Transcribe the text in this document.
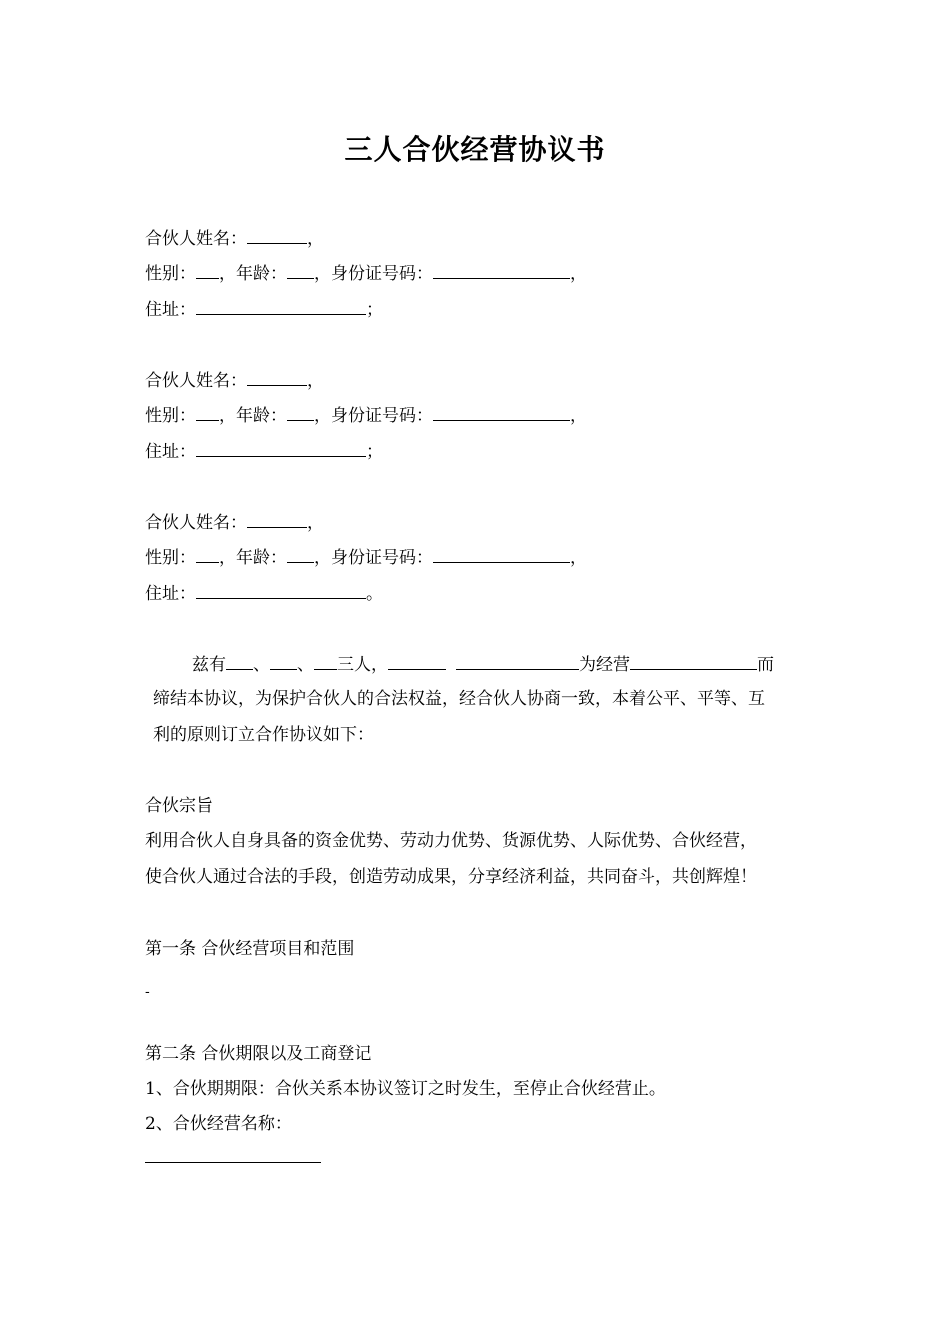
三人合伙经营协议书
合伙人姓名：	，
性别： ，年龄： ，身份证号码：	，
住址：	；
合伙人姓名：	，
性别： ，年龄： ，身份证号码：	，
住址：	；
合伙人姓名：	，
性别： ，年龄： ，身份证号码：	，
住址：	。
兹有 、 、 三人，	为经营	而
缔结本协议，为保护合伙人的合法权益，经合伙人协商一致，本着公平、平等、互
利的原则订立合作协议如下：
合伙宗旨
利用合伙人自身具备的资金优势、劳动力优势、货源优势、人际优势、合伙经营，
使合伙人通过合法的手段，创造劳动成果，分享经济利益，共同奋斗，共创辉煌！
第一条 合伙经营项目和范围
-
第二条 合伙期限以及工商登记
1、合伙期期限：合伙关系本协议签订之时发生，至停止合伙经营止。
2、合伙经营名称：
